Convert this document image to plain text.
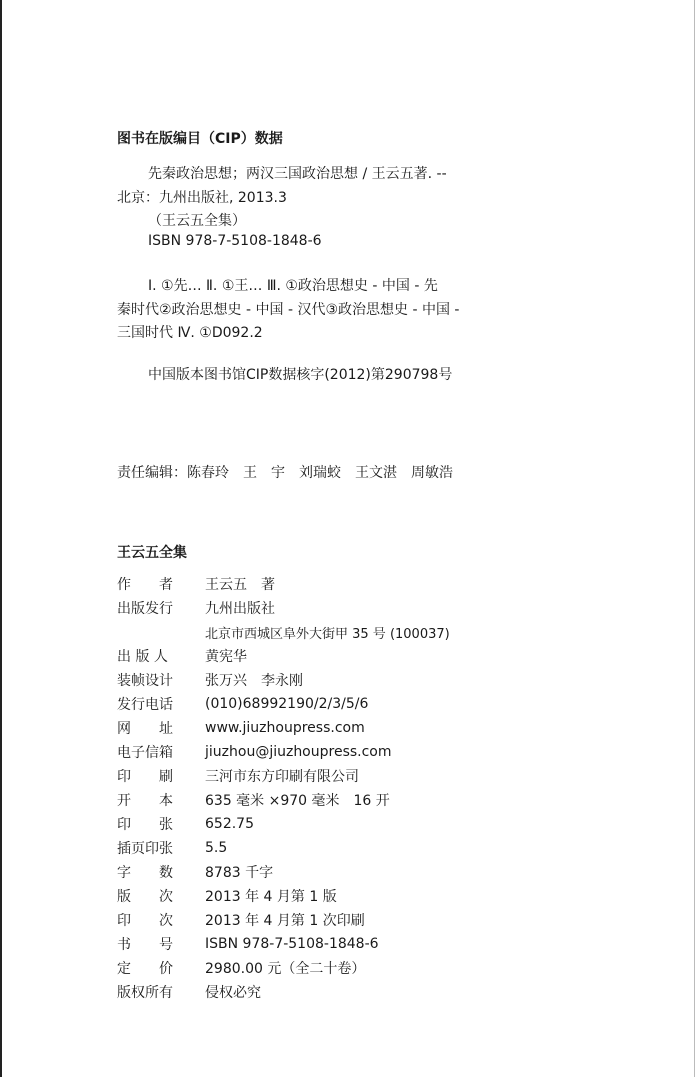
图书在版编目（CIP）数据
先秦政治思想；两汉三国政治思想 / 王云五著. --
北京：九州出版社, 2013.3
（王云五全集）
ISBN 978-7-5108-1848-6
Ⅰ. ①先… Ⅱ. ①王… Ⅲ. ①政治思想史 - 中国 - 先
秦时代②政治思想史 - 中国 - 汉代③政治思想史 - 中国 -
三国时代 Ⅳ. ①D092.2
中国版本图书馆CIP数据核字(2012)第290798号
责任编辑：陈春玲　王　宇　刘瑞蛟　王文湛　周敏浩
王云五全集
作　　者	王云五　著
出版发行	九州出版社
北京市西城区阜外大街甲 35 号 (100037)
出 版 人	黄宪华
装帧设计	张万兴　李永刚
发行电话	(010)68992190/2/3/5/6
网　　址	www.jiuzhoupress.com
电子信箱	jiuzhou@jiuzhoupress.com
印　　刷	三河市东方印刷有限公司
开　　本	635 毫米 ×970 毫米　16 开
印　　张	652.75
插页印张	5.5
字　　数	8783 千字
版　　次	2013 年 4 月第 1 版
印　　次	2013 年 4 月第 1 次印刷
书　　号	ISBN 978-7-5108-1848-6
定　　价	2980.00 元（全二十卷）
版权所有	侵权必究
